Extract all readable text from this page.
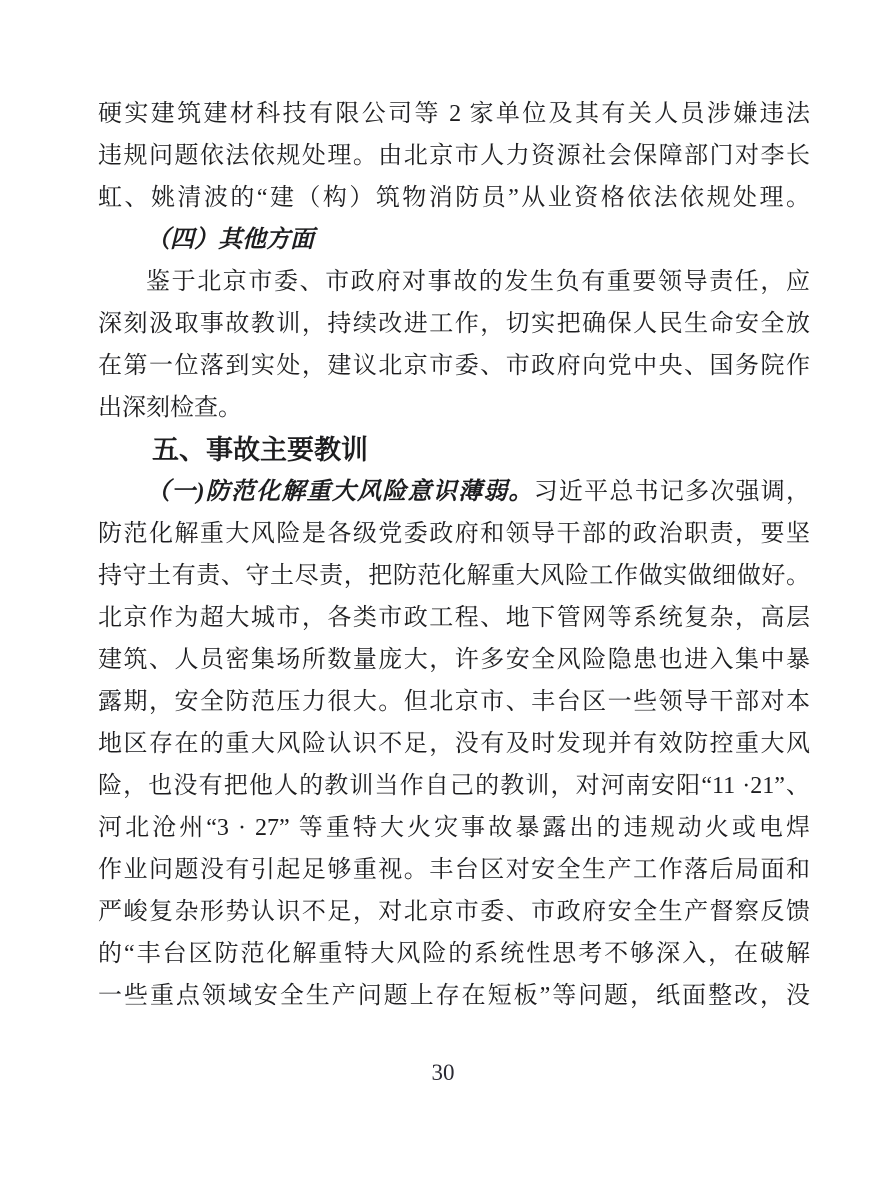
硬实建筑建材科技有限公司等 2 家单位及其有关人员涉嫌违法
违规问题依法依规处理。由北京市人力资源社会保障部门对李长
虹、姚清波的“建（构）筑物消防员”从业资格依法依规处理。

（四）其他方面

鉴于北京市委、市政府对事故的发生负有重要领导责任，应
深刻汲取事故教训，持续改进工作，切实把确保人民生命安全放
在第一位落到实处，建议北京市委、市政府向党中央、国务院作
出深刻检查。

五、事故主要教训

（一)防范化解重大风险意识薄弱。习近平总书记多次强调，
防范化解重大风险是各级党委政府和领导干部的政治职责，要坚
持守土有责、守土尽责，把防范化解重大风险工作做实做细做好。
北京作为超大城市，各类市政工程、地下管网等系统复杂，高层
建筑、人员密集场所数量庞大，许多安全风险隐患也进入集中暴
露期，安全防范压力很大。但北京市、丰台区一些领导干部对本
地区存在的重大风险认识不足，没有及时发现并有效防控重大风
险，也没有把他人的教训当作自己的教训，对河南安阳“11 ·21”、
河北沧州“3 · 27” 等重特大火灾事故暴露出的违规动火或电焊
作业问题没有引起足够重视。丰台区对安全生产工作落后局面和
严峻复杂形势认识不足，对北京市委、市政府安全生产督察反馈
的“丰台区防范化解重特大风险的系统性思考不够深入，在破解
一些重点领域安全生产问题上存在短板”等问题，纸面整改，没

30
